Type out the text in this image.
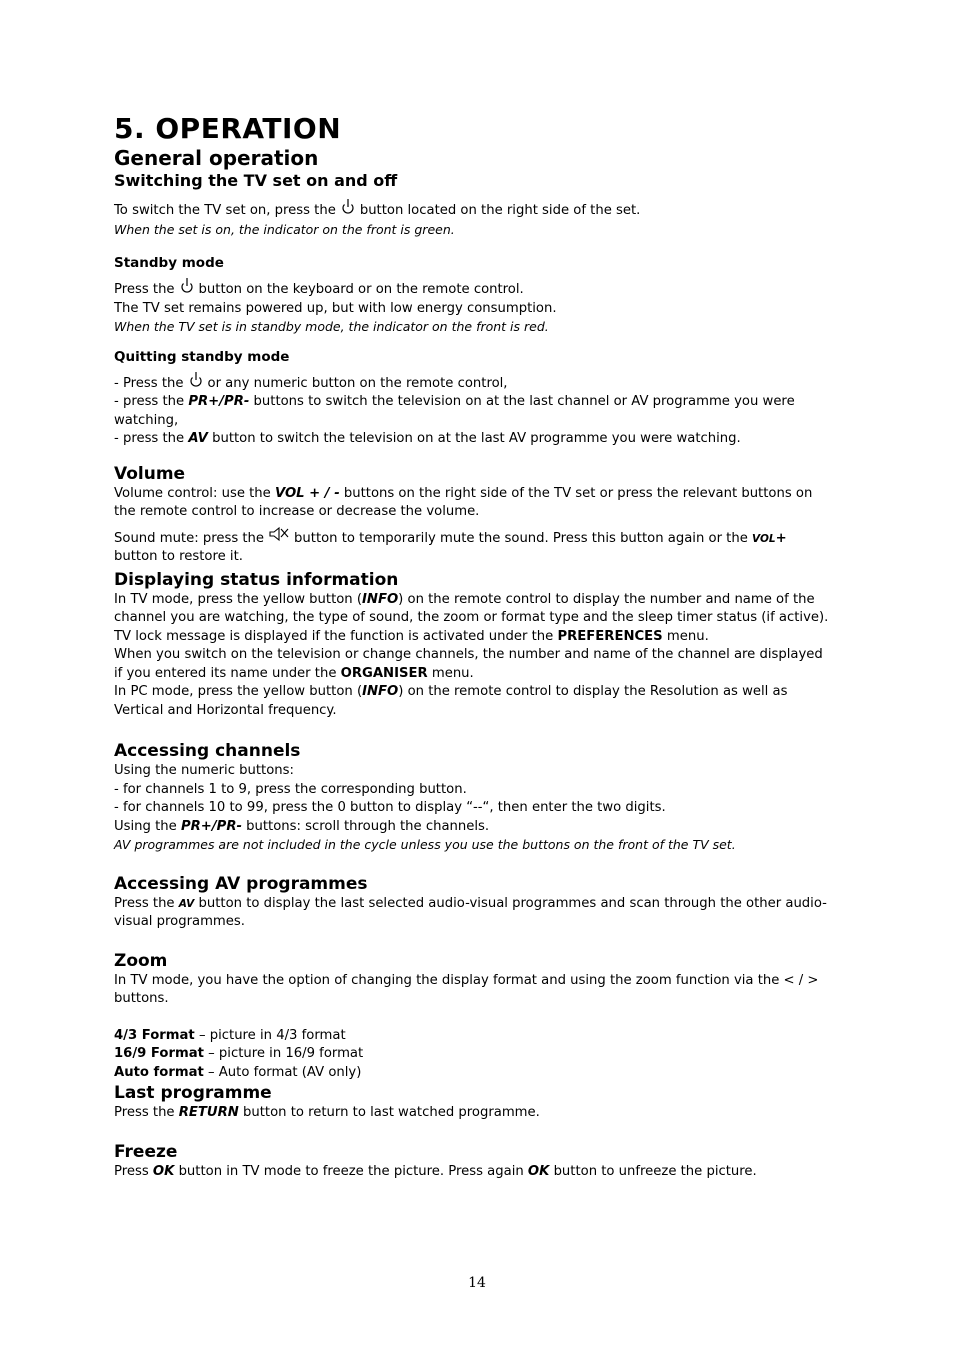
5. OPERATION
General operation
Switching the TV set on and off

To switch the TV set on, press the button located on the right side of the set.

When the set is on, the indicator on the front is green.

Standby mode

Press the button on the keyboard or on the remote control.

The TV set remains powered up, but with low energy consumption.

When the TV set is in standby mode, the indicator on the front is red.

Quitting standby mode

- Press the or any numeric button on the remote control,

- press the PR+/PR- buttons to switch the television on at the last channel or AV programme you were watching,

- press the AV button to switch the television on at the last AV programme you were watching.

Volume

Volume control: use the VOL + / - buttons on the right side of the TV set or press the relevant buttons on the remote control to increase or decrease the volume.

Sound mute: press the button to temporarily mute the sound. Press this button again or the VOL+ button to restore it.

Displaying status information

In TV mode, press the yellow button (INFO) on the remote control to display the number and name of the channel you are watching, the type of sound, the zoom or format type and the sleep timer status (if active).

TV lock message is displayed if the function is activated under the PREFERENCES menu.

When you switch on the television or change channels, the number and name of the channel are displayed if you entered its name under the ORGANISER menu.

In PC mode, press the yellow button (INFO) on the remote control to display the Resolution as well as Vertical and Horizontal frequency.

Accessing channels

Using the numeric buttons:

- for channels 1 to 9, press the corresponding button.

- for channels 10 to 99, press the 0 button to display “--“, then enter the two digits.

Using the PR+/PR- buttons: scroll through the channels.

AV programmes are not included in the cycle unless you use the buttons on the front of the TV set.

Accessing AV programmes

Press the AV button to display the last selected audio-visual programmes and scan through the other audio-visual programmes.

Zoom

In TV mode, you have the option of changing the display format and using the zoom function via the < / > buttons.

4/3 Format – picture in 4/3 format

16/9 Format – picture in 16/9 format

Auto format – Auto format (AV only)

Last programme

Press the RETURN button to return to last watched programme.

Freeze

Press OK button in TV mode to freeze the picture. Press again OK button to unfreeze the picture.

14
